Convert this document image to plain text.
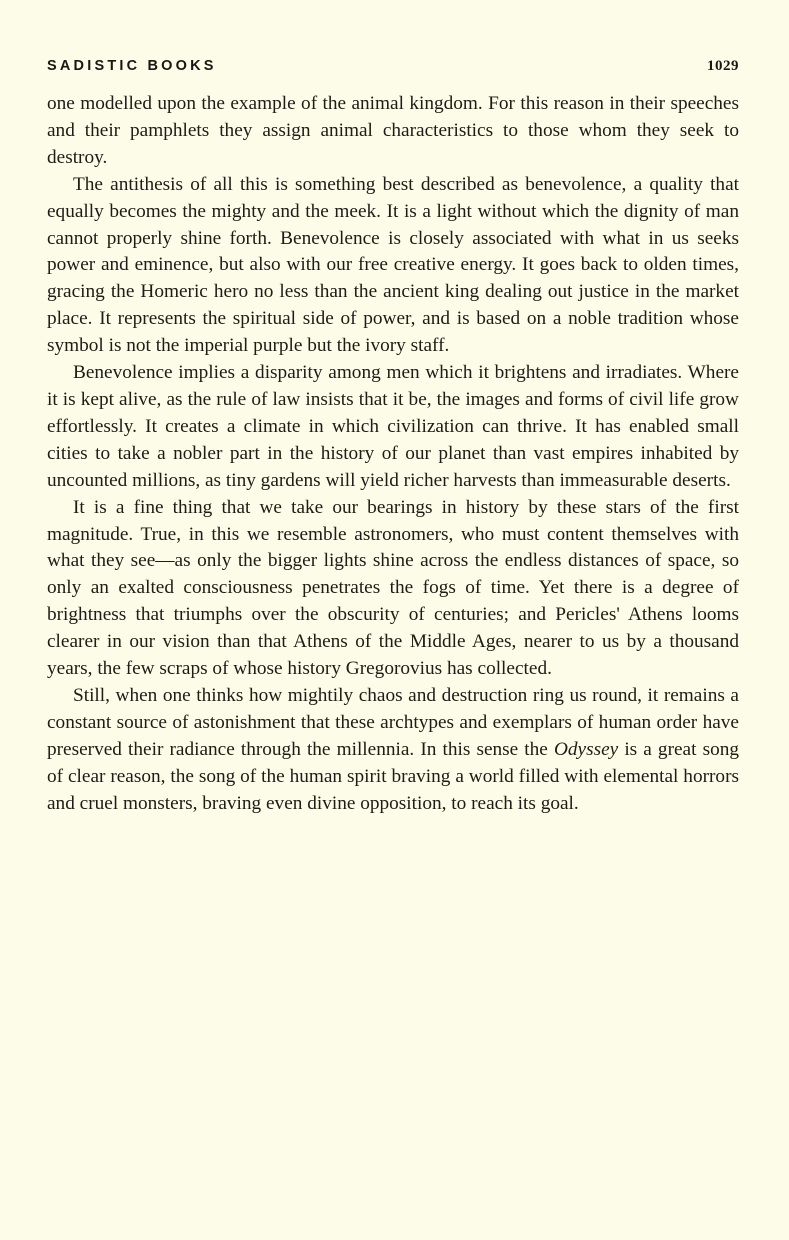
SADISTIC BOOKS	1029

one modelled upon the example of the animal kingdom. For this reason in their speeches and their pamphlets they assign animal characteristics to those whom they seek to destroy.

The antithesis of all this is something best described as benevolence, a quality that equally becomes the mighty and the meek. It is a light without which the dignity of man cannot properly shine forth. Benevolence is closely associated with what in us seeks power and eminence, but also with our free creative energy. It goes back to olden times, gracing the Homeric hero no less than the ancient king dealing out justice in the market place. It represents the spiritual side of power, and is based on a noble tradition whose symbol is not the imperial purple but the ivory staff.

Benevolence implies a disparity among men which it brightens and irradiates. Where it is kept alive, as the rule of law insists that it be, the images and forms of civil life grow effortlessly. It creates a climate in which civilization can thrive. It has enabled small cities to take a nobler part in the history of our planet than vast empires inhabited by uncounted millions, as tiny gardens will yield richer harvests than immeasurable deserts.

It is a fine thing that we take our bearings in history by these stars of the first magnitude. True, in this we resemble astronomers, who must content themselves with what they see—as only the bigger lights shine across the endless distances of space, so only an exalted consciousness penetrates the fogs of time. Yet there is a degree of brightness that triumphs over the obscurity of centuries; and Pericles' Athens looms clearer in our vision than that Athens of the Middle Ages, nearer to us by a thousand years, the few scraps of whose history Gregorovius has collected.

Still, when one thinks how mightily chaos and destruction ring us round, it remains a constant source of astonishment that these archtypes and exemplars of human order have preserved their radiance through the millennia. In this sense the Odyssey is a great song of clear reason, the song of the human spirit braving a world filled with elemental horrors and cruel monsters, braving even divine opposition, to reach its goal.
